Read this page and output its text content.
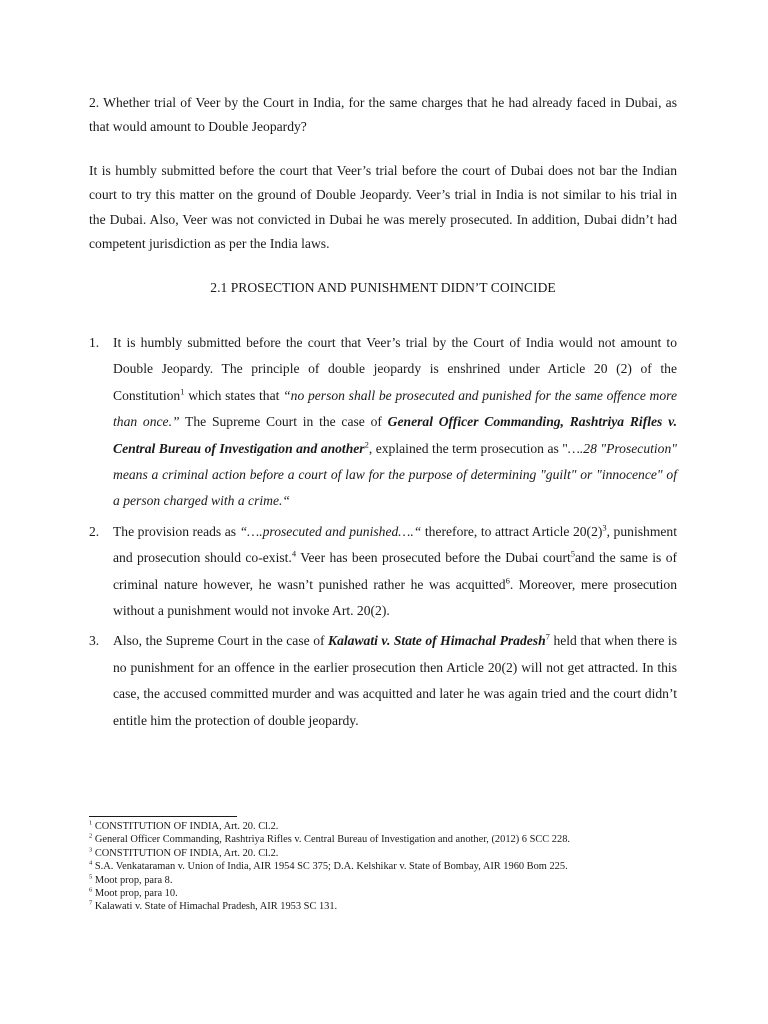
2. Whether trial of Veer by the Court in India, for the same charges that he had already faced in Dubai, as that would amount to Double Jeopardy?
It is humbly submitted before the court that Veer’s trial before the court of Dubai does not bar the Indian court to try this matter on the ground of Double Jeopardy. Veer’s trial in India is not similar to his trial in the Dubai. Also, Veer was not convicted in Dubai he was merely prosecuted. In addition, Dubai didn’t had competent jurisdiction as per the India laws.
2.1 PROSECTION AND PUNISHMENT DIDN’T COINCIDE
1. It is humbly submitted before the court that Veer’s trial by the Court of India would not amount to Double Jeopardy. The principle of double jeopardy is enshrined under Article 20 (2) of the Constitution$^1$ which states that “no person shall be prosecuted and punished for the same offence more than once.” The Supreme Court in the case of General Officer Commanding, Rashtriya Rifles v. Central Bureau of Investigation and another$^2$, explained the term prosecution as "….28 "Prosecution" means a criminal action before a court of law for the purpose of determining "guilt" or "innocence" of a person charged with a crime.“
2. The provision reads as “….prosecuted and punished….“ therefore, to attract Article $20(2)^3$, punishment and prosecution should co-exist.$^4$ Veer has been prosecuted before the Dubai court$^5$and the same is of criminal nature however, he wasn’t punished rather he was acquitted$^6$. Moreover, mere prosecution without a punishment would not invoke Art. 20(2).
3. Also, the Supreme Court in the case of Kalawati v. State of Himachal Pradesh$^7$ held that when there is no punishment for an offence in the earlier prosecution then Article 20(2) will not get attracted. In this case, the accused committed murder and was acquitted and later he was again tried and the court didn’t entitle him the protection of double jeopardy.
$^1$ CONSTITUTION OF INDIA, Art. 20. Cl.2.
$^2$ General Officer Commanding, Rashtriya Rifles v. Central Bureau of Investigation and another, (2012) 6 SCC 228.
$^3$ CONSTITUTION OF INDIA, Art. 20. Cl.2.
$^4$ S.A. Venkataraman v. Union of India, AIR 1954 SC 375; D.A. Kelshikar v. State of Bombay, AIR 1960 Bom 225.
$^5$ Moot prop, para 8.
$^6$ Moot prop, para 10.
$^7$ Kalawati v. State of Himachal Pradesh, AIR 1953 SC 131.
